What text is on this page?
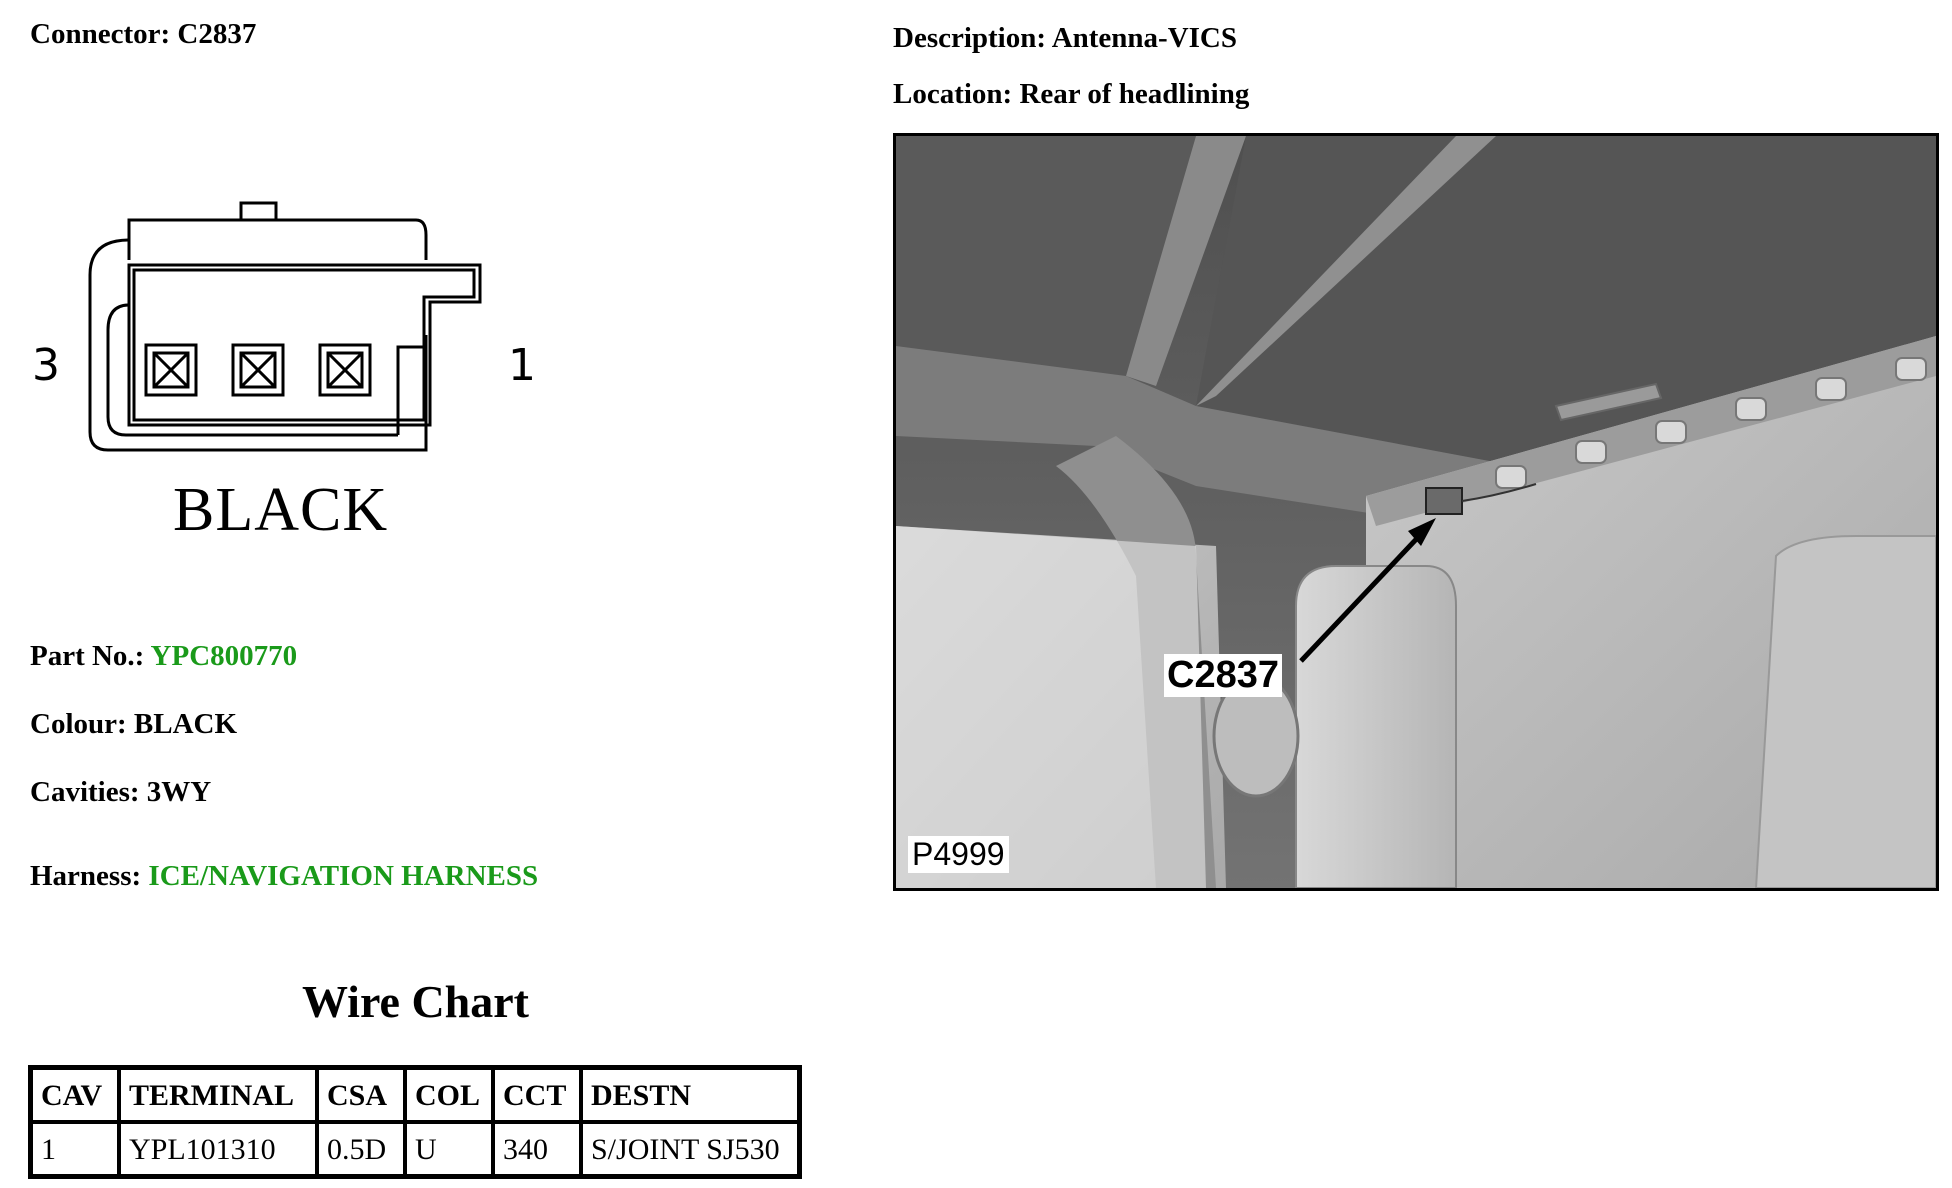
Connector: C2837
3	1
BLACK
Part No.: YPC800770
Colour: BLACK
Cavities: 3WY
Harness: ICE/NAVIGATION HARNESS
Wire Chart
CAV	TERMINAL	CSA	COL	CCT	DESTN
1	YPL101310	0.5D	U	340	S/JOINT SJ530
Description: Antenna-VICS
Location: Rear of headlining
C2837
P4999
